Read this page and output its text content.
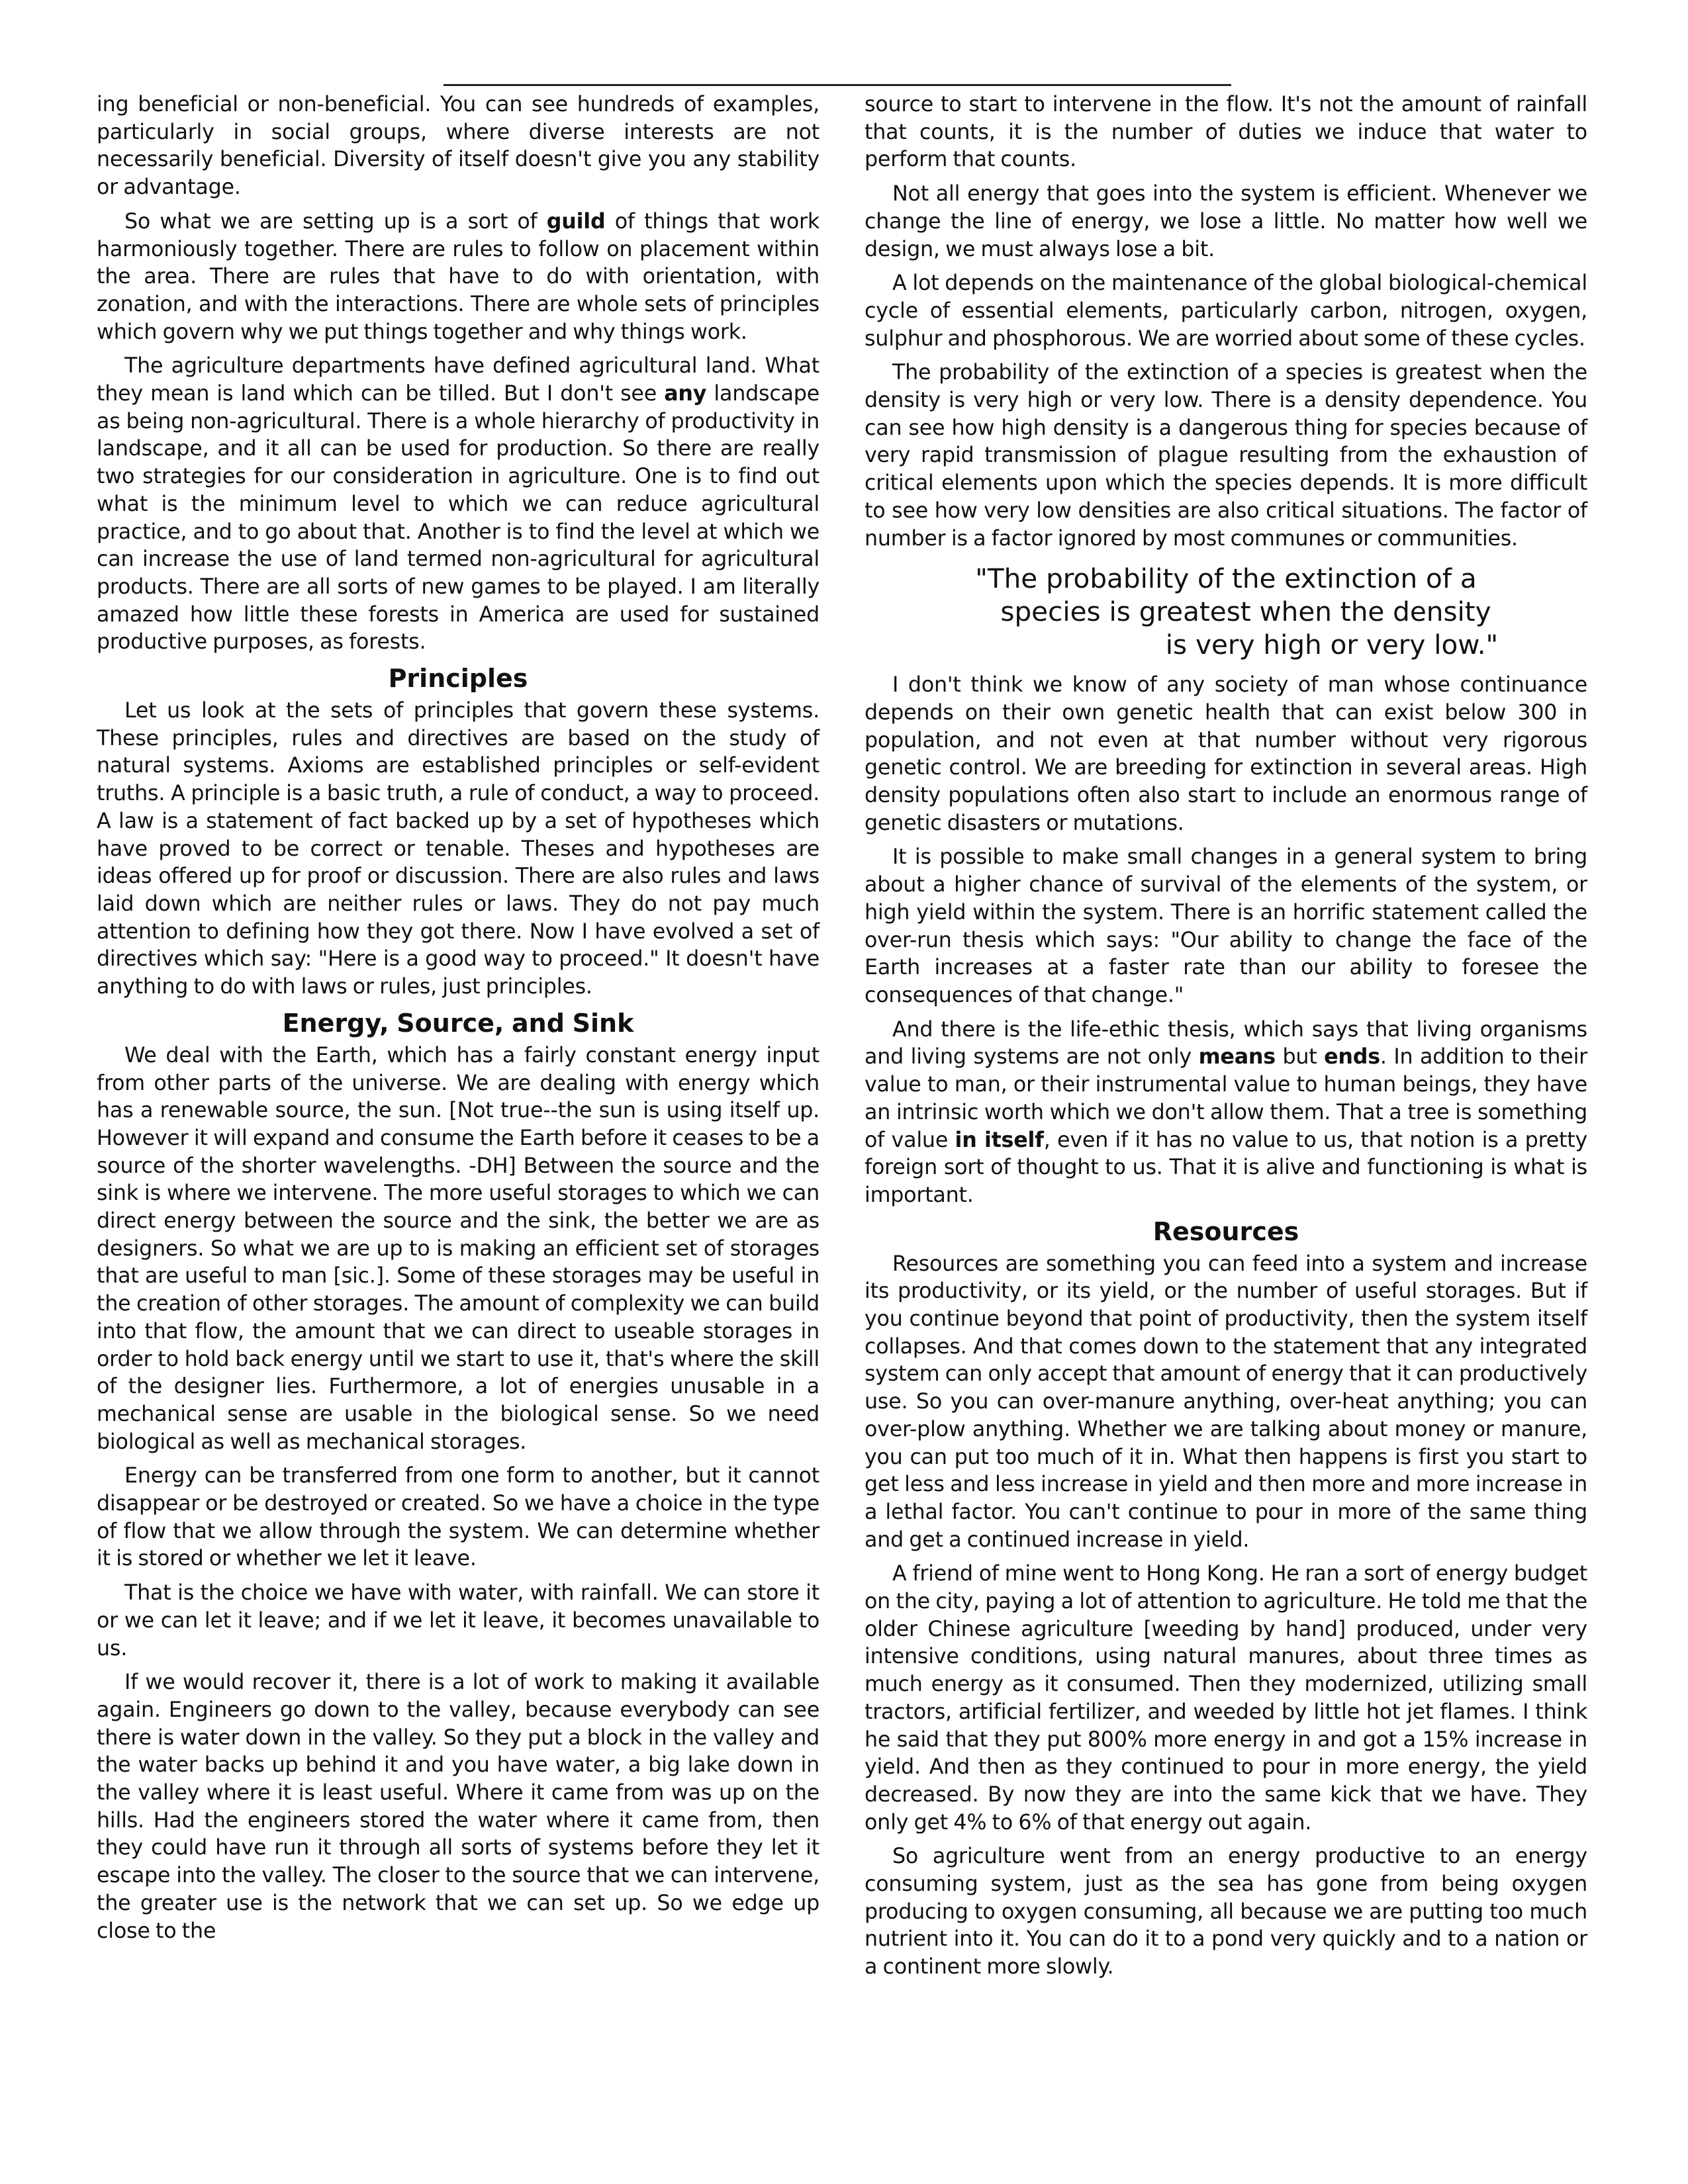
ing beneficial or non-beneficial. You can see hundreds of examples, particularly in social groups, where diverse interests are not necessarily beneficial. Diversity of itself doesn't give you any stability or advantage.

So what we are setting up is a sort of guild of things that work harmoniously together. There are rules to follow on placement within the area. There are rules that have to do with orientation, with zonation, and with the interactions. There are whole sets of principles which govern why we put things together and why things work.

The agriculture departments have defined agricultural land. What they mean is land which can be tilled. But I don't see any landscape as being non-agricultural. There is a whole hierarchy of productivity in landscape, and it all can be used for production. So there are really two strategies for our consideration in agriculture. One is to find out what is the minimum level to which we can reduce agricultural practice, and to go about that. Another is to find the level at which we can increase the use of land termed non-agricultural for agricultural products. There are all sorts of new games to be played. I am literally amazed how little these forests in America are used for sustained productive purposes, as forests.

Principles

Let us look at the sets of principles that govern these systems. These principles, rules and directives are based on the study of natural systems. Axioms are established principles or self-evident truths. A principle is a basic truth, a rule of conduct, a way to proceed. A law is a statement of fact backed up by a set of hypotheses which have proved to be correct or tenable. Theses and hypotheses are ideas offered up for proof or discussion. There are also rules and laws laid down which are neither rules or laws. They do not pay much attention to defining how they got there. Now I have evolved a set of directives which say: "Here is a good way to proceed." It doesn't have anything to do with laws or rules, just principles.

Energy, Source, and Sink

We deal with the Earth, which has a fairly constant energy input from other parts of the universe. We are dealing with energy which has a renewable source, the sun. [Not true--the sun is using itself up. However it will expand and consume the Earth before it ceases to be a source of the shorter wavelengths. -DH] Between the source and the sink is where we intervene. The more useful storages to which we can direct energy between the source and the sink, the better we are as designers. So what we are up to is making an efficient set of storages that are useful to man [sic.]. Some of these storages may be useful in the creation of other storages. The amount of complexity we can build into that flow, the amount that we can direct to useable storages in order to hold back energy until we start to use it, that's where the skill of the designer lies. Furthermore, a lot of energies unusable in a mechanical sense are usable in the biological sense. So we need biological as well as mechanical storages.

Energy can be transferred from one form to another, but it cannot disappear or be destroyed or created. So we have a choice in the type of flow that we allow through the system. We can determine whether it is stored or whether we let it leave.

That is the choice we have with water, with rainfall. We can store it or we can let it leave; and if we let it leave, it becomes unavailable to us.

If we would recover it, there is a lot of work to making it available again. Engineers go down to the valley, because everybody can see there is water down in the valley. So they put a block in the valley and the water backs up behind it and you have water, a big lake down in the valley where it is least useful. Where it came from was up on the hills. Had the engineers stored the water where it came from, then they could have run it through all sorts of systems before they let it escape into the valley. The closer to the source that we can intervene, the greater use is the network that we can set up. So we edge up close to the

source to start to intervene in the flow. It's not the amount of rainfall that counts, it is the number of duties we induce that water to perform that counts.

Not all energy that goes into the system is efficient. Whenever we change the line of energy, we lose a little. No matter how well we design, we must always lose a bit.

A lot depends on the maintenance of the global biological-chemical cycle of essential elements, particularly carbon, nitrogen, oxygen, sulphur and phosphorous. We are worried about some of these cycles.

The probability of the extinction of a species is greatest when the density is very high or very low. There is a density dependence. You can see how high density is a dangerous thing for species because of very rapid transmission of plague resulting from the exhaustion of critical elements upon which the species depends. It is more difficult to see how very low densities are also critical situations. The factor of number is a factor ignored by most communes or communities.

"The probability of the extinction of a
species is greatest when the density
is very high or very low."

I don't think we know of any society of man whose continuance depends on their own genetic health that can exist below 300 in population, and not even at that number without very rigorous genetic control. We are breeding for extinction in several areas. High density populations often also start to include an enormous range of genetic disasters or mutations.

It is possible to make small changes in a general system to bring about a higher chance of survival of the elements of the system, or high yield within the system. There is an horrific statement called the over-run thesis which says: "Our ability to change the face of the Earth increases at a faster rate than our ability to foresee the consequences of that change."

And there is the life-ethic thesis, which says that living organisms and living systems are not only means but ends. In addition to their value to man, or their instrumental value to human beings, they have an intrinsic worth which we don't allow them. That a tree is something of value in itself, even if it has no value to us, that notion is a pretty foreign sort of thought to us. That it is alive and functioning is what is important.

Resources

Resources are something you can feed into a system and increase its productivity, or its yield, or the number of useful storages. But if you continue beyond that point of productivity, then the system itself collapses. And that comes down to the statement that any integrated system can only accept that amount of energy that it can productively use. So you can over-manure anything, over-heat anything; you can over-plow anything. Whether we are talking about money or manure, you can put too much of it in. What then happens is first you start to get less and less increase in yield and then more and more increase in a lethal factor. You can't continue to pour in more of the same thing and get a continued increase in yield.

A friend of mine went to Hong Kong. He ran a sort of energy budget on the city, paying a lot of attention to agriculture. He told me that the older Chinese agriculture [weeding by hand] produced, under very intensive conditions, using natural manures, about three times as much energy as it consumed. Then they modernized, utilizing small tractors, artificial fertilizer, and weeded by little hot jet flames. I think he said that they put 800% more energy in and got a 15% increase in yield. And then as they continued to pour in more energy, the yield decreased. By now they are into the same kick that we have. They only get 4% to 6% of that energy out again.

So agriculture went from an energy productive to an energy consuming system, just as the sea has gone from being oxygen producing to oxygen consuming, all because we are putting too much nutrient into it. You can do it to a pond very quickly and to a nation or a continent more slowly.
